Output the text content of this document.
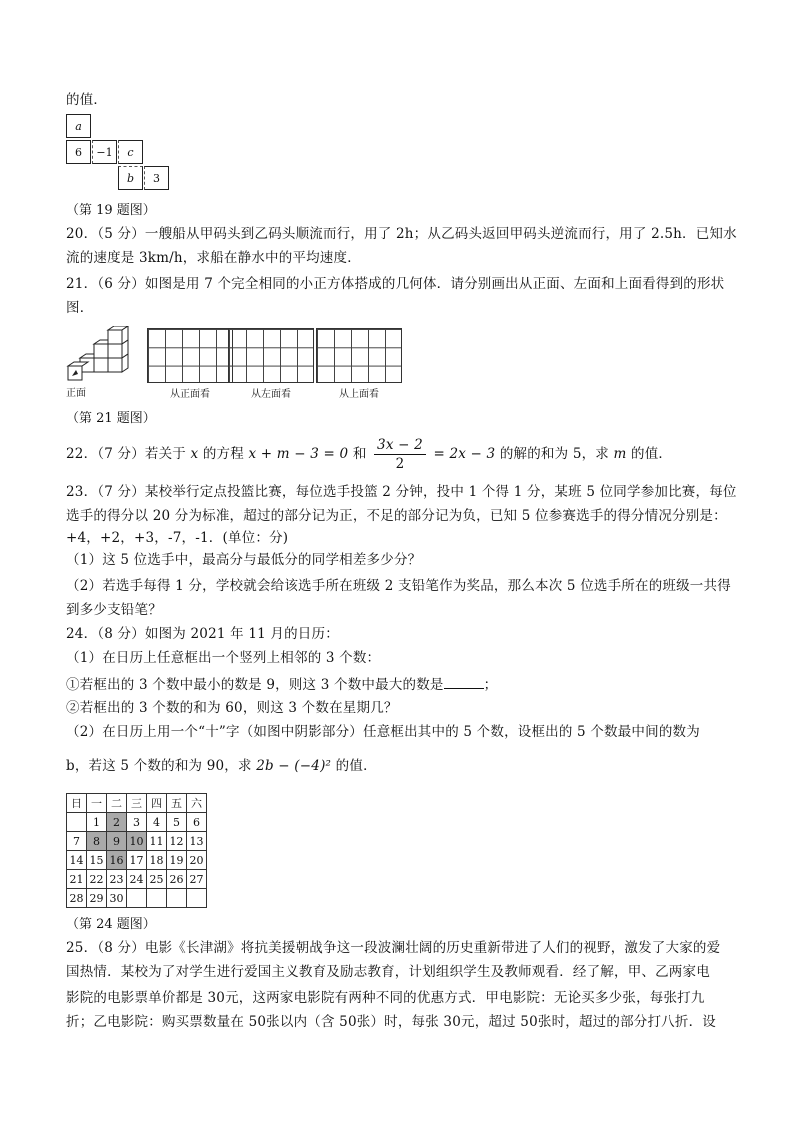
的值．
a
6	−1	c
b	3
（第 19 题图）
20．（5 分）一艘船从甲码头到乙码头顺流而行，用了 2h；从乙码头返回甲码头逆流而行，用了 2.5h．已知水
流的速度是 3km/h，求船在静水中的平均速度．
21．（6 分）如图是用 7 个完全相同的小正方体搭成的几何体．请分别画出从正面、左面和上面看得到的形状
图．
正面	从正面看	从左面看	从上面看
（第 21 题图）
22．（7 分）若关于 x 的方程 x + m − 3 = 0 和 $\frac{3x - 2}{2} = 2x - 3$ 的解的和为 5，求 m 的值．
23．（7 分）某校举行定点投篮比赛，每位选手投篮 2 分钟，投中 1 个得 1 分，某班 5 位同学参加比赛，每位
选手的得分以 20 分为标准，超过的部分记为正，不足的部分记为负，已知 5 位参赛选手的得分情况分别是：
+4，+2，+3，-7，-1．(单位：分)
（1）这 5 位选手中，最高分与最低分的同学相差多少分？
（2）若选手每得 1 分，学校就会给该选手所在班级 2 支铅笔作为奖品，那么本次 5 位选手所在的班级一共得
到多少支铅笔？
24．（8 分）如图为 2021 年 11 月的日历：
（1）在日历上任意框出一个竖列上相邻的 3 个数：
①若框出的 3 个数中最小的数是 9，则这 3 个数中最大的数是	；
②若框出的 3 个数的和为 60，则这 3 个数在星期几？
（2）在日历上用一个“十”字（如图中阴影部分）任意框出其中的 5 个数，设框出的 5 个数最中间的数为
b，若这 5 个数的和为 90，求 2b − (−4)² 的值．
日	一	二	三	四	五	六
	1	2	3	4	5	6
7	8	9	10	11	12	13
14	15	16	17	18	19	20
21	22	23	24	25	26	27
28	29	30				
（第 24 题图）
25．（8 分）电影《长津湖》将抗美援朝战争这一段波澜壮阔的历史重新带进了人们的视野，激发了大家的爱
国热情．某校为了对学生进行爱国主义教育及励志教育，计划组织学生及教师观看．经了解，甲、乙两家电
影院的电影票单价都是 30元，这两家电影院有两种不同的优惠方式．甲电影院：无论买多少张，每张打九
折；乙电影院：购买票数量在 50张以内（含 50张）时，每张 30元，超过 50张时，超过的部分打八折．设
